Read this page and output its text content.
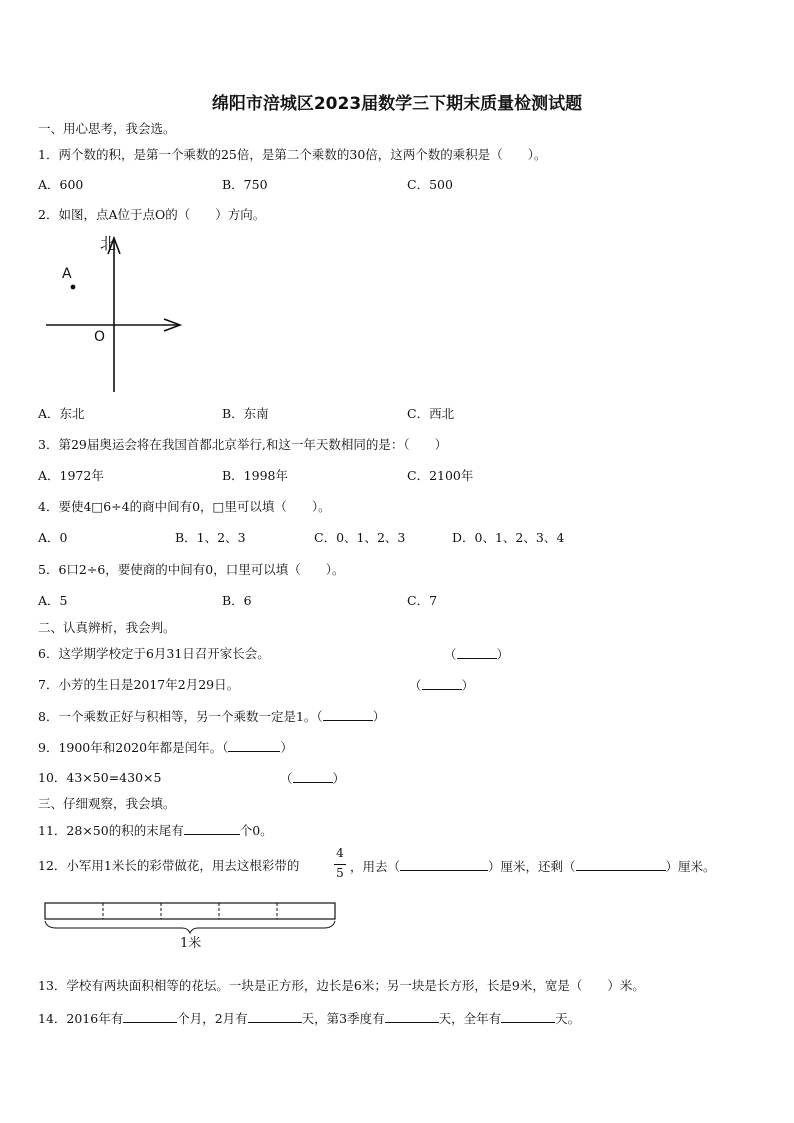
绵阳市涪城区2023届数学三下期末质量检测试题
一、用心思考，我会选。
1．两个数的积，是第一个乘数的25倍，是第二个乘数的30倍，这两个数的乘积是（　　）。
A．600	B．750	C．500
2．如图，点A位于点O的（　　）方向。
北
A
O
A．东北	B．东南	C．西北
3．第29届奥运会将在我国首都北京举行,和这一年天数相同的是：（　　）
A．1972年	B．1998年	C．2100年
4．要使4□6÷4的商中间有0，□里可以填（　　）。
A．0	B．1、2、3	C．0、1、2、3	D．0、1、2、3、4
5．6口2÷6，要使商的中间有0，口里可以填（　　）。
A．5	B．6	C．7
二、认真辨析，我会判。
6．这学期学校定于6月31日召开家长会。	（	）
7．小芳的生日是2017年2月29日。	（	）
8．一个乘数正好与积相等，另一个乘数一定是1。（	）
9．1900年和2020年都是闰年。（	）
10．43×50=430×5	（	）
三、仔细观察，我会填。
11．28×50的积的末尾有	个0。
12．小军用1米长的彩带做花，用去这根彩带的
4
5 ，用去（	）厘米，还剩（	）厘米。
1米
13．学校有两块面积相等的花坛。一块是正方形，边长是6米；另一块是长方形，长是9米，宽是（　　）米。
14．2016年有	个月，2月有	天，第3季度有	天，全年有	天。
